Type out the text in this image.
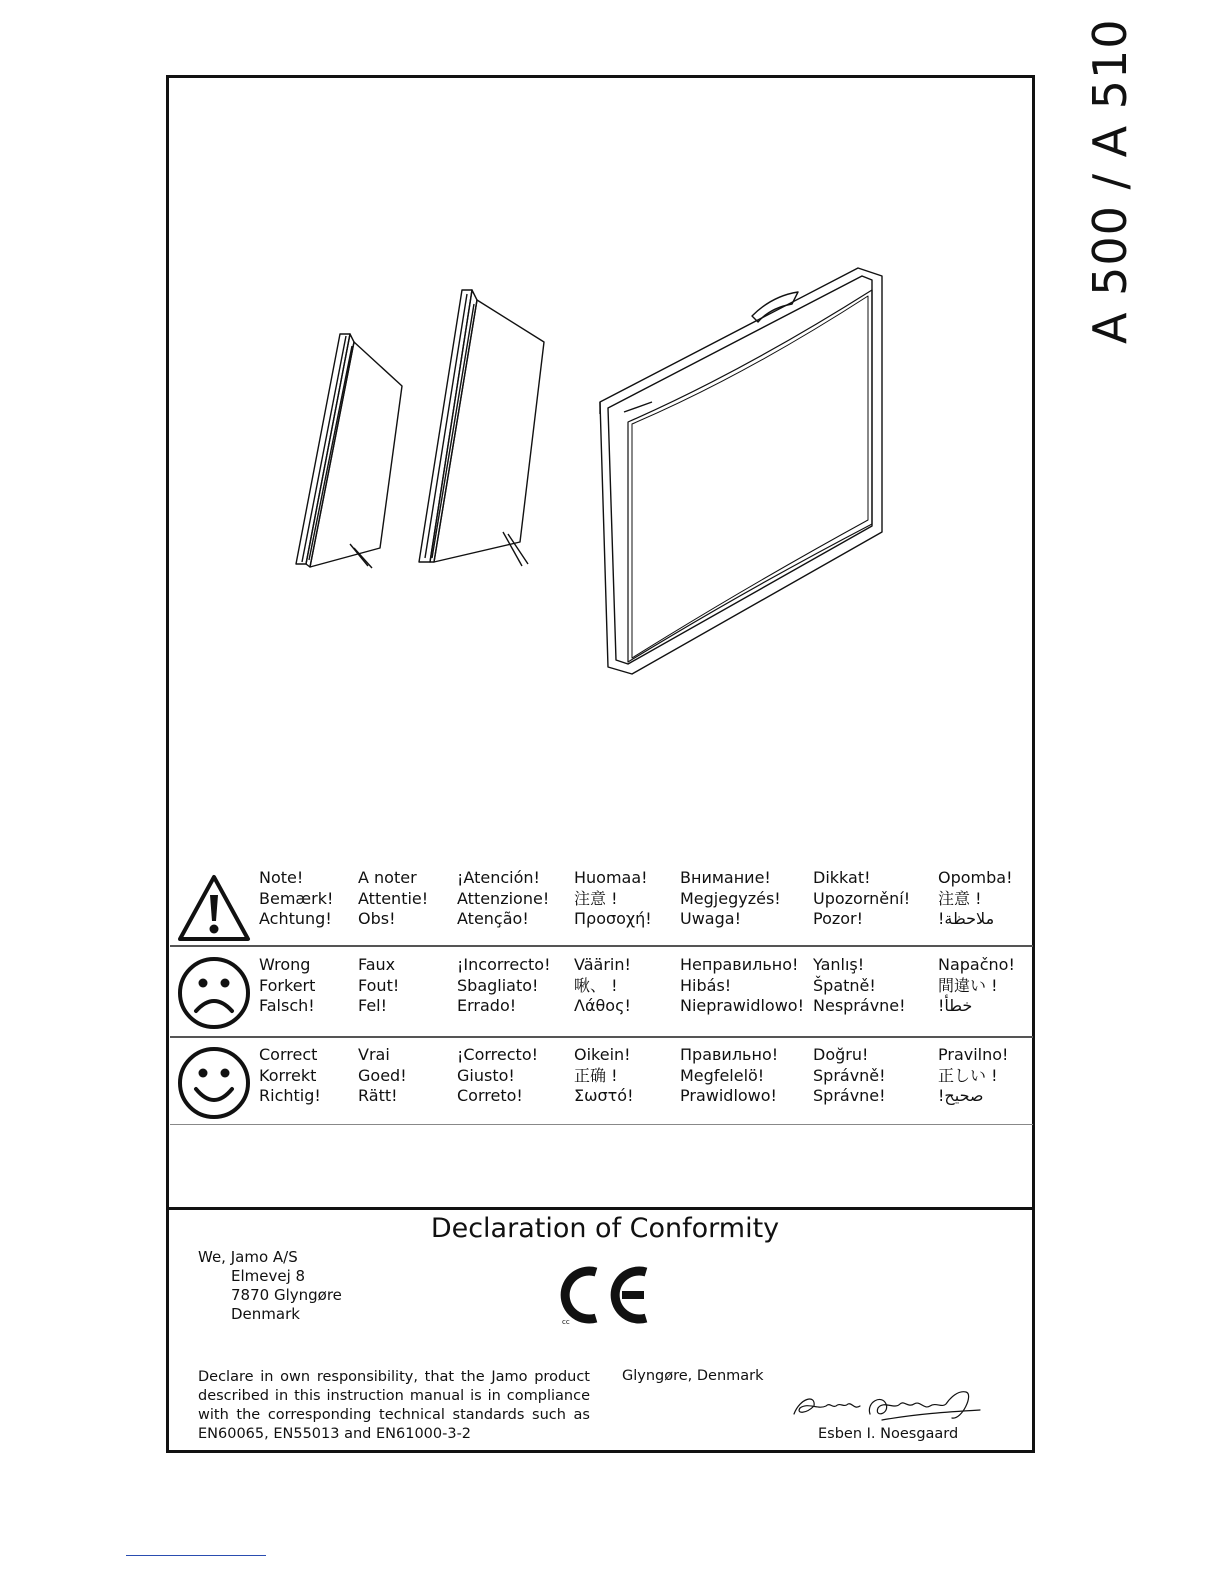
A 500 / A 510
Note!
Bemærk!
Achtung!
A noter
Attentie!
Obs!
¡Atención!
Attenzione!
Atenção!
Huomaa!
注意 !
Προσοχή!
Внимание!
Megjegyzés!
Uwaga!
Dikkat!
Upozornění!
Pozor!
Opomba!
注意 !
!ملاحظة
Wrong
Forkert
Falsch!
Faux
Fout!
Fel!
¡Incorrecto!
Sbagliato!
Errado!
Väärin!
啾、 !
Λάθος!
Неправильно!
Hibás!
Nieprawidlowo!
Yanlış!
Špatně!
Nesprávne!
Napačno!
間違い !
!خطأ
Correct
Korrekt
Richtig!
Vrai
Goed!
Rätt!
¡Correcto!
Giusto!
Correto!
Oikein!
正确 !
Σωστό!
Правильно!
Megfelelö!
Prawidlowo!
Doğru!
Správně!
Správne!
Pravilno!
正しい !
!صحيح
Declaration of Conformity
We, Jamo A/S
Elmevej 8
7870 Glyngøre
Denmark	cc
Declare in own responsibility, that the Jamo product described in this instruction manual is in compliance with the corresponding technical standards such as EN60065, EN55013 and EN61000-3-2
Glyngøre, Denmark
Esben I. Noesgaard
